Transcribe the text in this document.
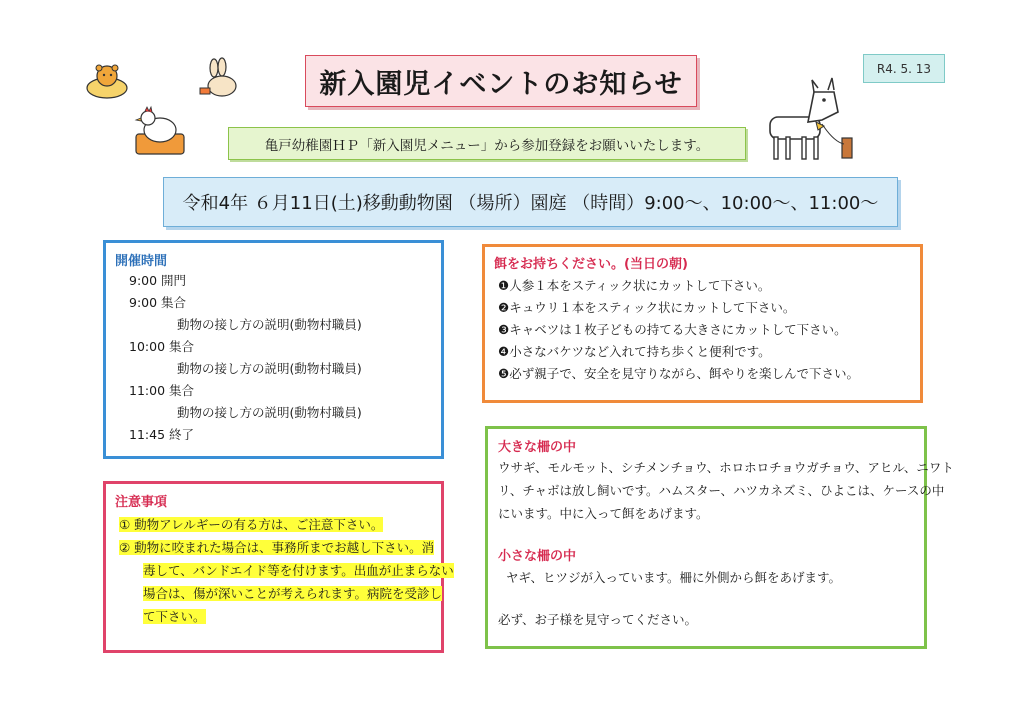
新入園児イベントのお知らせ	R4. 5. 13
亀戸幼稚園ＨＰ「新入園児メニュー」から参加登録をお願いいたします。
令和4年 ６月11日(土)移動動物園 （場所）園庭 （時間）9:00～、10:00～、11:00～
開催時間
9:00 開門
9:00 集合
動物の接し方の説明(動物村職員)
10:00 集合
動物の接し方の説明(動物村職員)
11:00 集合
動物の接し方の説明(動物村職員)
11:45 終了
注意事項
① 動物アレルギーの有る方は、ご注意下さい。
② 動物に咬まれた場合は、事務所までお越し下さい。消
毒して、バンドエイド等を付けます。出血が止まらない
場合は、傷が深いことが考えられます。病院を受診し
て下さい。
餌をお持ちください。(当日の朝)
❶人参１本をスティック状にカットして下さい。
❷キュウリ１本をスティック状にカットして下さい。
❸キャベツは１枚子どもの持てる大きさにカットして下さい。
❹小さなバケツなど入れて持ち歩くと便利です。
❺必ず親子で、安全を見守りながら、餌やりを楽しんで下さい。
大きな柵の中
ウサギ、モルモット、シチメンチョウ、ホロホロチョウガチョウ、アヒル、ニワト
リ、チャボは放し飼いです。ハムスター、ハツカネズミ、ひよこは、ケースの中
にいます。中に入って餌をあげます。
小さな柵の中
ヤギ、ヒツジが入っています。柵に外側から餌をあげます。
必ず、お子様を見守ってください。
